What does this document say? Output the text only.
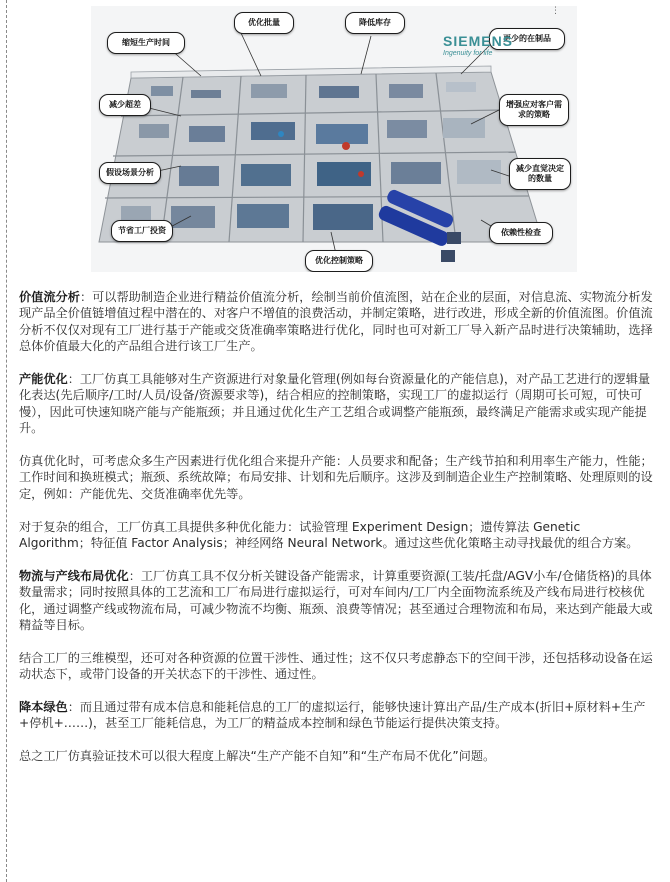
缩短生产时间
优化批量	降低库存
更少的在制品
减少超差	增强应对客户需求的策略
假设场景分析	减少直觉决定的数量
节省工厂投资	依赖性检查
优化控制策略
SIEMENS
Ingenuity for life
⋮

价值流分析：可以帮助制造企业进行精益价值流分析，绘制当前价值流图，站在企业的层面，对信息流、实物流分析发现产品全价值链增值过程中潜在的、对客户不增值的浪费活动，并制定策略，进行改进，形成全新的价值流图。价值流分析不仅仅对现有工厂进行基于产能或交货准确率策略进行优化，同时也可对新工厂导入新产品时进行决策辅助，选择总体价值最大化的产品组合进行该工厂生产。

产能优化：工厂仿真工具能够对生产资源进行对象量化管理(例如每台资源量化的产能信息)，对产品工艺进行的逻辑量化表达(先后顺序/工时/人员/设备/资源要求等)，结合相应的控制策略，实现工厂的虚拟运行（周期可长可短，可快可慢），因此可快速知晓产能与产能瓶颈；并且通过优化生产工艺组合或调整产能瓶颈，最终满足产能需求或实现产能提升。

仿真优化时，可考虑众多生产因素进行优化组合来提升产能：人员要求和配备；生产线节拍和利用率生产能力，性能；工作时间和换班模式；瓶颈、系统故障；布局安排、计划和先后顺序。这涉及到制造企业生产控制策略、处理原则的设定，例如：产能优先、交货准确率优先等。

对于复杂的组合，工厂仿真工具提供多种优化能力：试验管理 Experiment Design；遗传算法 Genetic Algorithm；特征值 Factor Analysis；神经网络 Neural Network。通过这些优化策略主动寻找最优的组合方案。

物流与产线布局优化：工厂仿真工具不仅分析关键设备产能需求，计算重要资源(工装/托盘/AGV小车/仓储货格)的具体数量需求；同时按照具体的工艺流和工厂布局进行虚拟运行，可对车间内/工厂内全面物流系统及产线布局进行校核优化，通过调整产线或物流布局，可减少物流不均衡、瓶颈、浪费等情况；甚至通过合理物流和布局，来达到产能最大或精益等目标。

结合工厂的三维模型，还可对各种资源的位置干涉性、通过性；这不仅只考虑静态下的空间干涉，还包括移动设备在运动状态下，或带门设备的开关状态下的干涉性、通过性。

降本绿色：而且通过带有成本信息和能耗信息的工厂的虚拟运行，能够快速计算出产品/生产成本(折旧+原材料+生产+停机+……)，甚至工厂能耗信息，为工厂的精益成本控制和绿色节能运行提供决策支持。

总之工厂仿真验证技术可以很大程度上解决“生产产能不自知”和“生产布局不优化”问题。
